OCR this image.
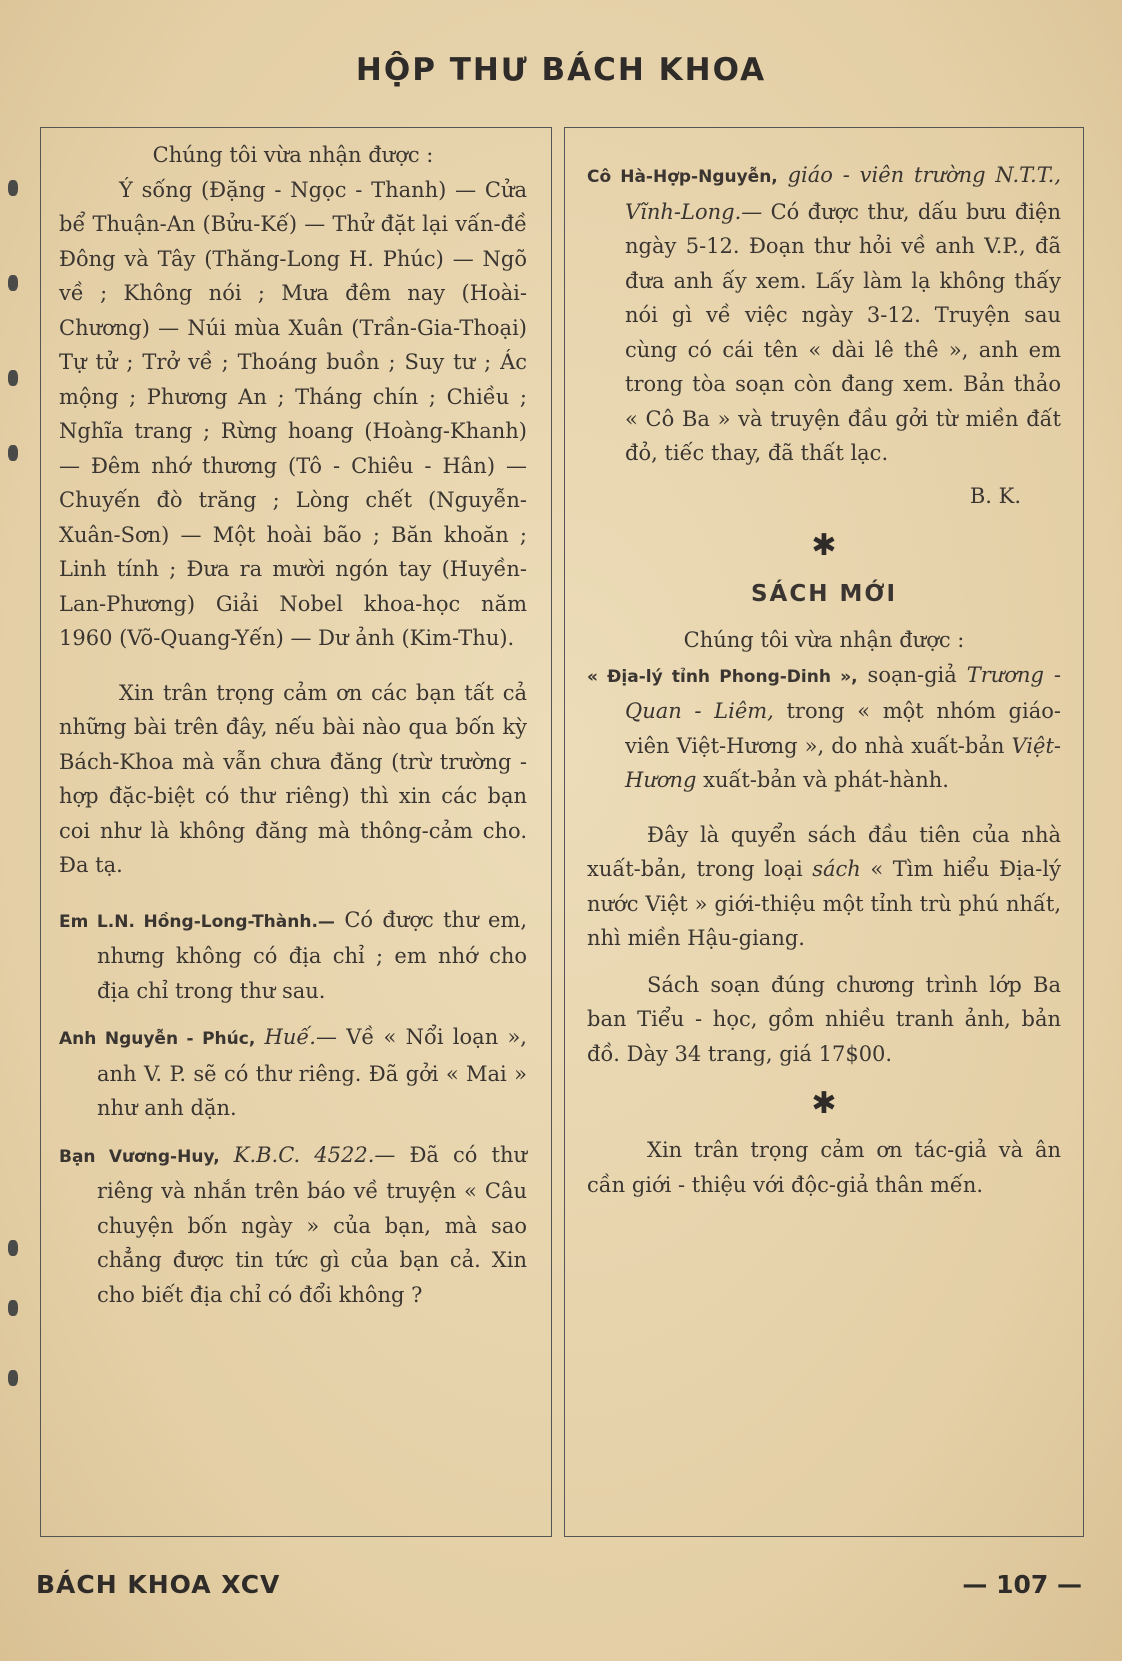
HỘP THƯ BÁCH KHOA

Chúng tôi vừa nhận được :

Ý sống (Đặng - Ngọc - Thanh) — Cửa bể Thuận-An (Bửu-Kế) — Thử đặt lại vấn-đề Đông và Tây (Thăng-Long H. Phúc) — Ngõ về ; Không nói ; Mưa đêm nay (Hoài-Chương) — Núi mùa Xuân (Trần-Gia-Thoại) Tự tử ; Trở về ; Thoáng buồn ; Suy tư ; Ác mộng ; Phương An ; Tháng chín ; Chiều ; Nghĩa trang ; Rừng hoang (Hoàng-Khanh) — Đêm nhớ thương (Tô - Chiêu - Hân) — Chuyến đò trăng ; Lòng chết (Nguyễn-Xuân-Sơn) — Một hoài bão ; Băn khoăn ; Linh tính ; Đưa ra mười ngón tay (Huyền-Lan-Phương) Giải Nobel khoa-học năm 1960 (Võ-Quang-Yến) — Dư ảnh (Kim-Thu).

Xin trân trọng cảm ơn các bạn tất cả những bài trên đây, nếu bài nào qua bốn kỳ Bách-Khoa mà vẫn chưa đăng (trừ trường - hợp đặc-biệt có thư riêng) thì xin các bạn coi như là không đăng mà thông-cảm cho. Đa tạ.

Em L.N. Hồng-Long-Thành.— Có được thư em, nhưng không có địa chỉ ; em nhớ cho địa chỉ trong thư sau.

Anh Nguyễn - Phúc, Huế.— Về « Nổi loạn », anh V. P. sẽ có thư riêng. Đã gởi « Mai » như anh dặn.

Bạn Vương-Huy, K.B.C. 4522.— Đã có thư riêng và nhắn trên báo về truyện « Câu chuyện bốn ngày » của bạn, mà sao chẳng được tin tức gì của bạn cả. Xin cho biết địa chỉ có đổi không ?

Cô Hà-Hợp-Nguyễn, giáo - viên trường N.T.T., Vĩnh-Long.— Có được thư, dấu bưu điện ngày 5-12. Đoạn thư hỏi về anh V.P., đã đưa anh ấy xem. Lấy làm lạ không thấy nói gì về việc ngày 3-12. Truyện sau cùng có cái tên « dài lê thê », anh em trong tòa soạn còn đang xem. Bản thảo « Cô Ba » và truyện đầu gởi từ miền đất đỏ, tiếc thay, đã thất lạc.

B. K.

✱
SÁCH MỚI

Chúng tôi vừa nhận được :

« Địa-lý tỉnh Phong-Dinh », soạn-giả Trương - Quan - Liêm, trong « một nhóm giáo-viên Việt-Hương », do nhà xuất-bản Việt-Hương xuất-bản và phát-hành.

Đây là quyển sách đầu tiên của nhà xuất-bản, trong loại sách « Tìm hiểu Địa-lý nước Việt » giới-thiệu một tỉnh trù phú nhất, nhì miền Hậu-giang.

Sách soạn đúng chương trình lớp Ba ban Tiểu - học, gồm nhiều tranh ảnh, bản đồ. Dày 34 trang, giá 17$00.

✱

Xin trân trọng cảm ơn tác-giả và ân cần giới - thiệu với độc-giả thân mến.

BÁCH KHOA XCV	— 107 —
